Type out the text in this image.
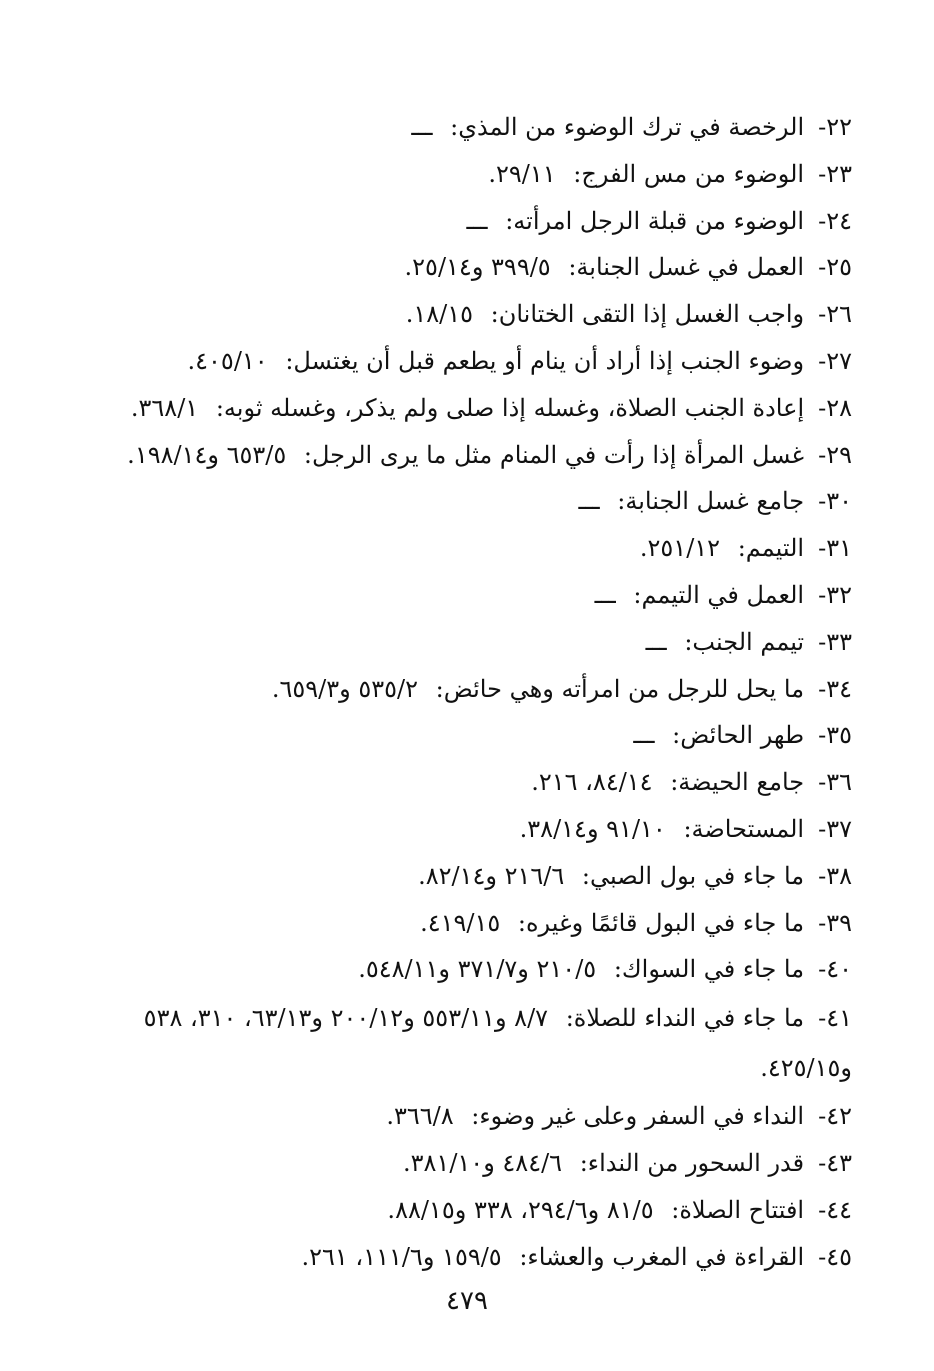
٢٢-الرخصة في ترك الوضوء من المذي: ـــ
٢٣-الوضوء من مس الفرج: ٢٩/١١.
٢٤-الوضوء من قبلة الرجل امرأته: ـــ
٢٥-العمل في غسل الجنابة: ٣٩٩/٥ و٢٥/١٤.
٢٦-واجب الغسل إذا التقى الختانان: ١٨/١٥.
٢٧-وضوء الجنب إذا أراد أن ينام أو يطعم قبل أن يغتسل: ٤٠٥/١٠.
٢٨-إعادة الجنب الصلاة، وغسله إذا صلى ولم يذكر، وغسله ثوبه: ٣٦٨/١.
٢٩-غسل المرأة إذا رأت في المنام مثل ما يرى الرجل: ٦٥٣/٥ و١٩٨/١٤.
٣٠-جامع غسل الجنابة: ـــ
٣١-التيمم: ٢٥١/١٢.
٣٢-العمل في التيمم: ـــ
٣٣-تيمم الجنب: ـــ
٣٤-ما يحل للرجل من امرأته وهي حائض: ٥٣٥/٢ و٦٥٩/٣.
٣٥-طهر الحائض: ـــ
٣٦-جامع الحيضة: ٨٤/١٤، ٢١٦.
٣٧-المستحاضة: ٩١/١٠ و٣٨/١٤.
٣٨-ما جاء في بول الصبي: ٢١٦/٦ و٨٢/١٤.
٣٩-ما جاء في البول قائمًا وغيره: ٤١٩/١٥.
٤٠-ما جاء في السواك: ٢١٠/٥ و٣٧١/٧ و٥٤٨/١١.
٤١-ما جاء في النداء للصلاة: ٨/٧ و٥٥٣/١١ و٢٠٠/١٢ و٦٣/١٣، ٣١٠، ٥٣٨ و٤٢٥/١٥.
٤٢-النداء في السفر وعلى غير وضوء: ٣٦٦/٨.
٤٣-قدر السحور من النداء: ٤٨٤/٦ و٣٨١/١٠.
٤٤-افتتاح الصلاة: ٨١/٥ و٢٩٤/٦، ٣٣٨ و٨٨/١٥.
٤٥-القراءة في المغرب والعشاء: ١٥٩/٥ و١١١/٦، ٢٦١.
٤٧٩
